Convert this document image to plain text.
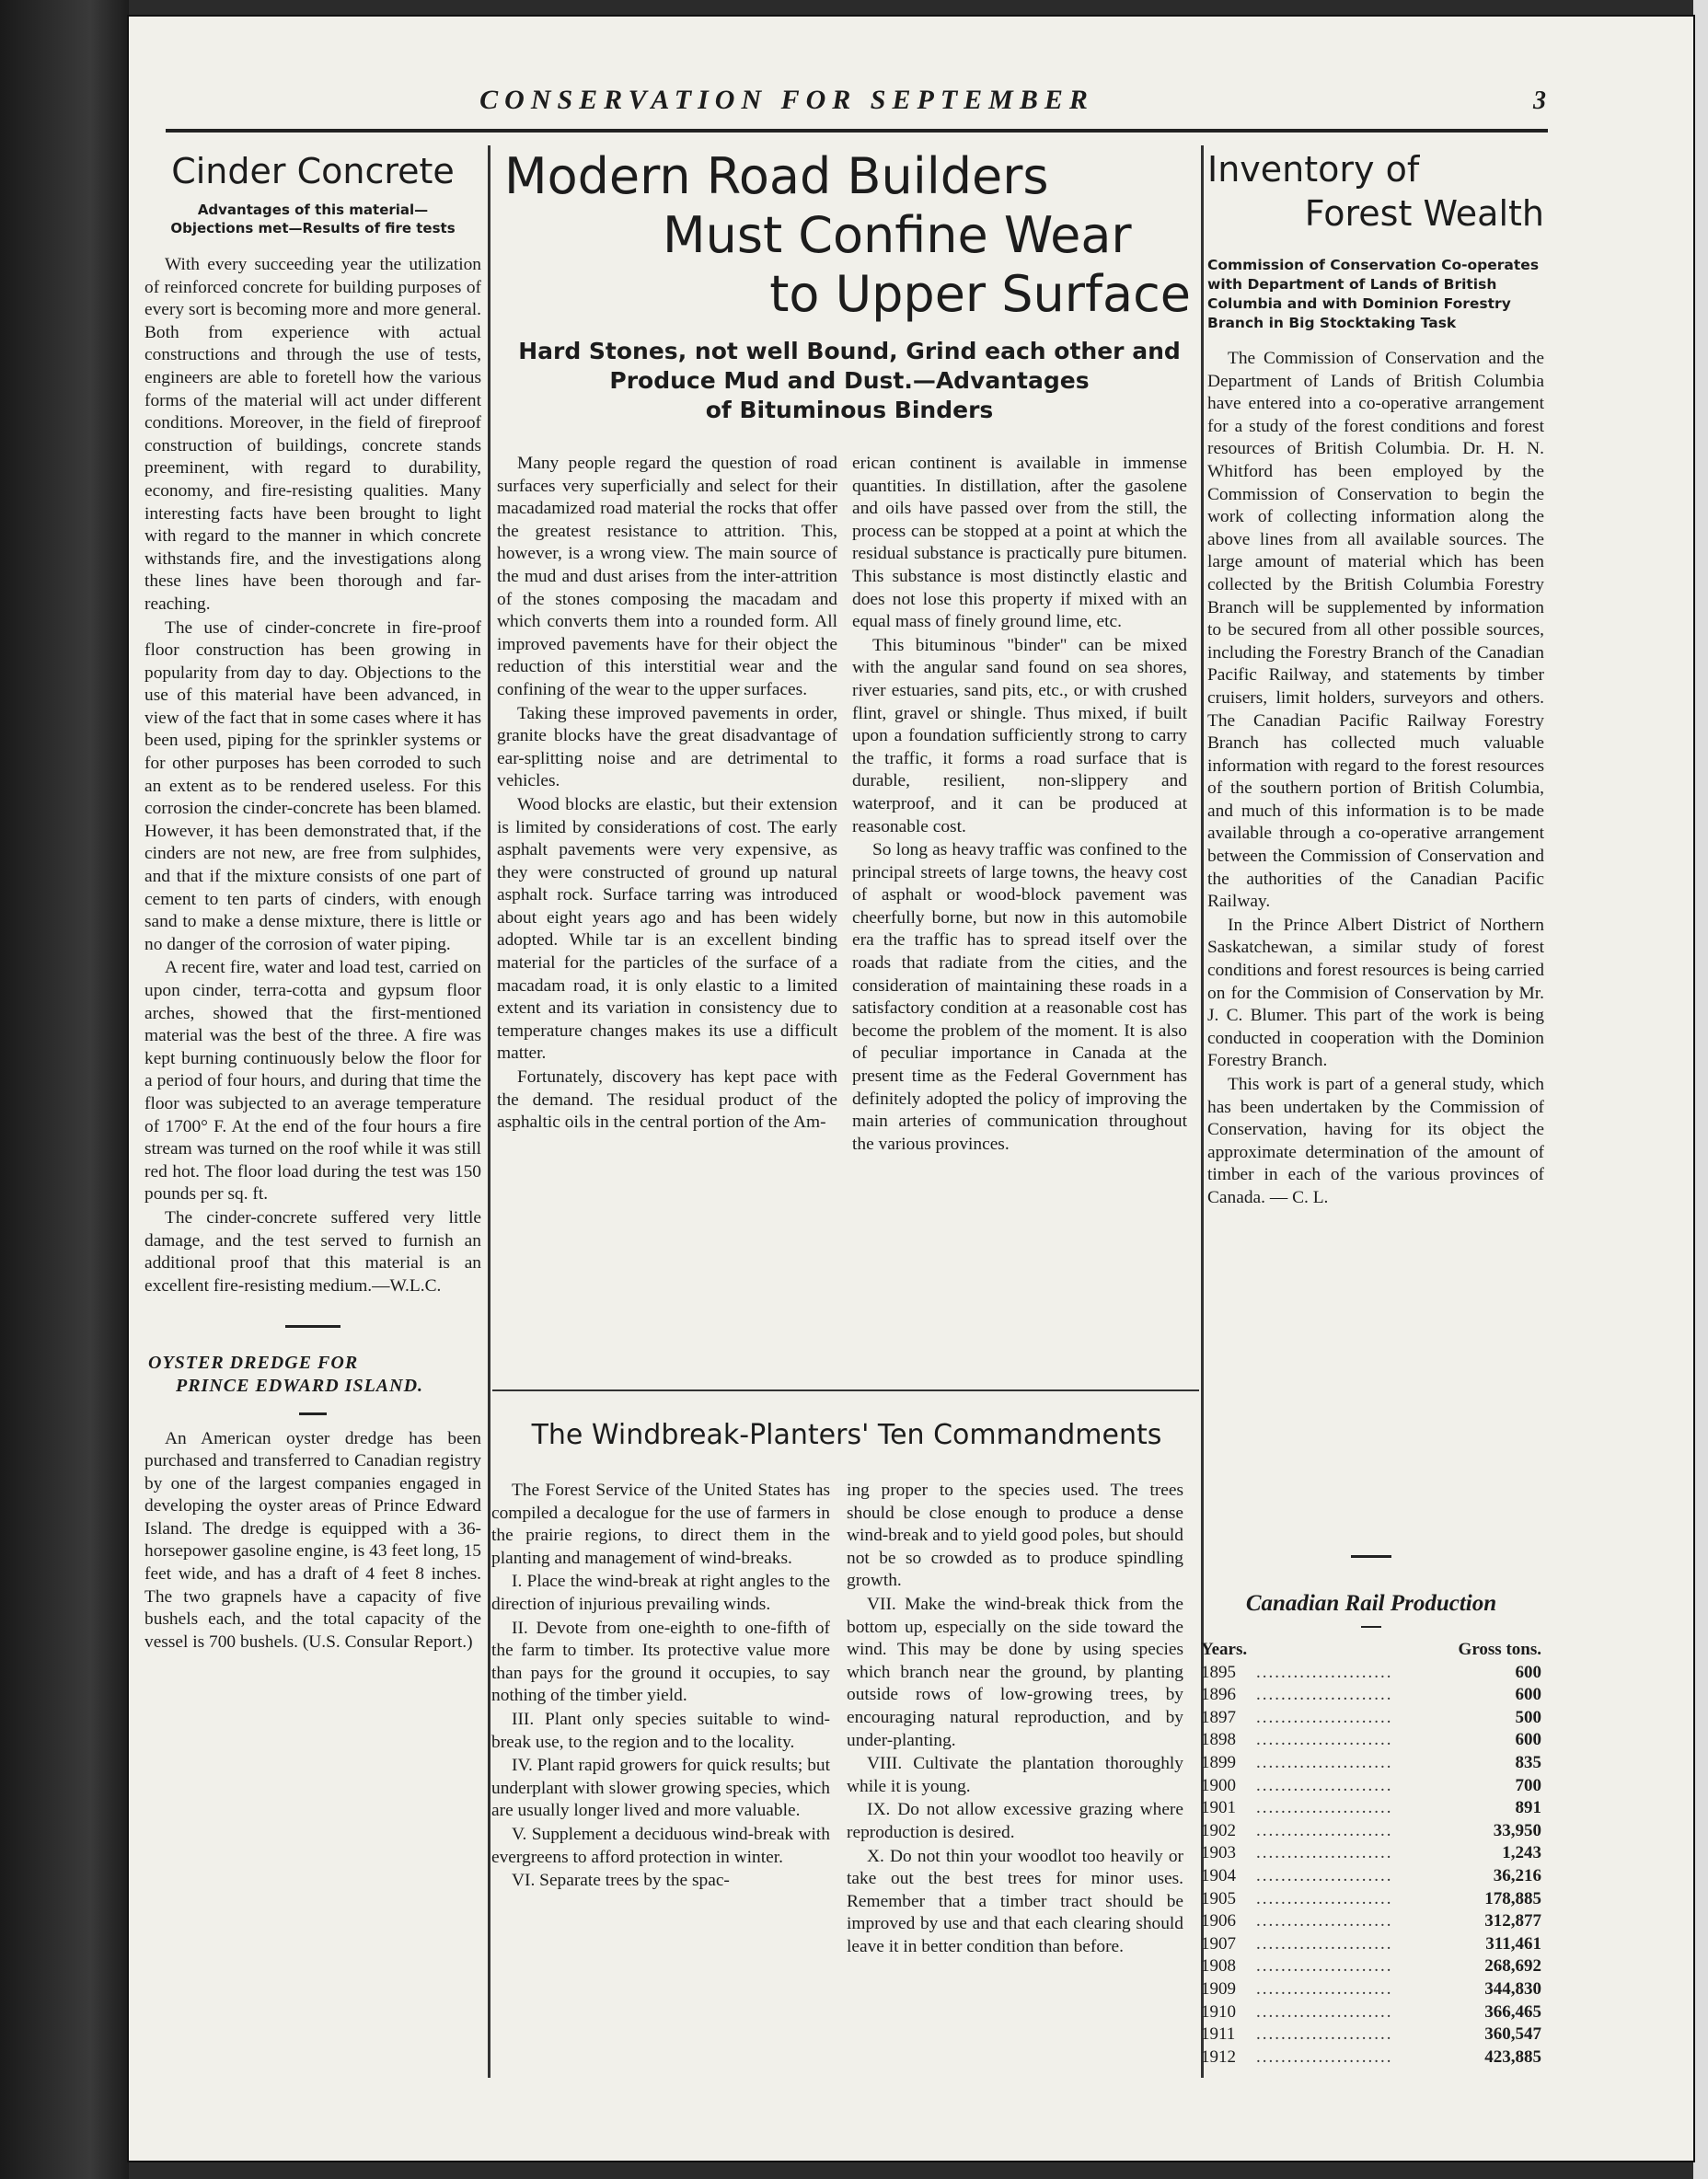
CONSERVATION FOR SEPTEMBER	3
Cinder Concrete
Advantages of this material—Objections met—Results of fire tests

With every succeeding year the utilization of reinforced concrete for building purposes of every sort is becoming more and more general. Both from experience with actual constructions and through the use of tests, engineers are able to foretell how the various forms of the material will act under different conditions. Moreover, in the field of fireproof construction of buildings, concrete stands preeminent, with regard to durability, economy, and fire-resisting qualities. Many interesting facts have been brought to light with regard to the manner in which concrete withstands fire, and the investigations along these lines have been thorough and far-reaching.

The use of cinder-concrete in fire-proof floor construction has been growing in popularity from day to day. Objections to the use of this material have been advanced, in view of the fact that in some cases where it has been used, piping for the sprinkler systems or for other purposes has been corroded to such an extent as to be rendered useless. For this corrosion the cinder-concrete has been blamed. However, it has been demonstrated that, if the cinders are not new, are free from sulphides, and that if the mixture consists of one part of cement to ten parts of cinders, with enough sand to make a dense mixture, there is little or no danger of the corrosion of water piping.

A recent fire, water and load test, carried on upon cinder, terra-cotta and gypsum floor arches, showed that the first-mentioned material was the best of the three. A fire was kept burning continuously below the floor for a period of four hours, and during that time the floor was subjected to an average temperature of 1700° F. At the end of the four hours a fire stream was turned on the roof while it was still red hot. The floor load during the test was 150 pounds per sq. ft.

The cinder-concrete suffered very little damage, and the test served to furnish an additional proof that this material is an excellent fire-resisting medium.—W.L.C.

OYSTER DREDGE FOR
PRINCE EDWARD ISLAND.

An American oyster dredge has been purchased and transferred to Canadian registry by one of the largest companies engaged in developing the oyster areas of Prince Edward Island. The dredge is equipped with a 36-horsepower gasoline engine, is 43 feet long, 15 feet wide, and has a draft of 4 feet 8 inches. The two grapnels have a capacity of five bushels each, and the total capacity of the vessel is 700 bushels. (U.S. Consular Report.)

Modern Road Builders
Must Confine Wear
to Upper Surface
Hard Stones, not well Bound, Grind each other and
Produce Mud and Dust.—Advantages
of Bituminous Binders

Many people regard the question of road surfaces very superficially and select for their macadamized road material the rocks that offer the greatest resistance to attrition. This, however, is a wrong view. The main source of the mud and dust arises from the inter-attrition of the stones composing the macadam and which converts them into a rounded form. All improved pavements have for their object the reduction of this interstitial wear and the confining of the wear to the upper surfaces.

Taking these improved pavements in order, granite blocks have the great disadvantage of ear-splitting noise and are detrimental to vehicles.

Wood blocks are elastic, but their extension is limited by considerations of cost. The early asphalt pavements were very expensive, as they were constructed of ground up natural asphalt rock. Surface tarring was introduced about eight years ago and has been widely adopted. While tar is an excellent binding material for the particles of the surface of a macadam road, it is only elastic to a limited extent and its variation in consistency due to temperature changes makes its use a difficult matter.

Fortunately, discovery has kept pace with the demand. The residual product of the asphaltic oils in the central portion of the Am-

erican continent is available in immense quantities. In distillation, after the gasolene and oils have passed over from the still, the process can be stopped at a point at which the residual substance is practically pure bitumen. This substance is most distinctly elastic and does not lose this property if mixed with an equal mass of finely ground lime, etc.

This bituminous "binder" can be mixed with the angular sand found on sea shores, river estuaries, sand pits, etc., or with crushed flint, gravel or shingle. Thus mixed, if built upon a foundation sufficiently strong to carry the traffic, it forms a road surface that is durable, resilient, non-slippery and waterproof, and it can be produced at reasonable cost.

So long as heavy traffic was confined to the principal streets of large towns, the heavy cost of asphalt or wood-block pavement was cheerfully borne, but now in this automobile era the traffic has to spread itself over the roads that radiate from the cities, and the consideration of maintaining these roads in a satisfactory condition at a reasonable cost has become the problem of the moment. It is also of peculiar importance in Canada at the present time as the Federal Government has definitely adopted the policy of improving the main arteries of communication throughout the various provinces.

The Windbreak-Planters' Ten Commandments

The Forest Service of the United States has compiled a decalogue for the use of farmers in the prairie regions, to direct them in the planting and management of wind-breaks.

I. Place the wind-break at right angles to the direction of injurious prevailing winds.

II. Devote from one-eighth to one-fifth of the farm to timber. Its protective value more than pays for the ground it occupies, to say nothing of the timber yield.

III. Plant only species suitable to wind-break use, to the region and to the locality.

IV. Plant rapid growers for quick results; but underplant with slower growing species, which are usually longer lived and more valuable.

V. Supplement a deciduous wind-break with evergreens to afford protection in winter.

VI. Separate trees by the spac-

ing proper to the species used. The trees should be close enough to produce a dense wind-break and to yield good poles, but should not be so crowded as to produce spindling growth.

VII. Make the wind-break thick from the bottom up, especially on the side toward the wind. This may be done by using species which branch near the ground, by planting outside rows of low-growing trees, by encouraging natural reproduction, and by under-planting.

VIII. Cultivate the plantation thoroughly while it is young.

IX. Do not allow excessive grazing where reproduction is desired.

X. Do not thin your woodlot too heavily or take out the best trees for minor uses. Remember that a timber tract should be improved by use and that each clearing should leave it in better condition than before.

Inventory of
Forest Wealth
Commission of Conservation Co-operates with Department of Lands of British Columbia and with Dominion Forestry Branch in Big Stocktaking Task

The Commission of Conservation and the Department of Lands of British Columbia have entered into a co-operative arrangement for a study of the forest conditions and forest resources of British Columbia. Dr. H. N. Whitford has been employed by the Commission of Conservation to begin the work of collecting information along the above lines from all available sources. The large amount of material which has been collected by the British Columbia Forestry Branch will be supplemented by information to be secured from all other possible sources, including the Forestry Branch of the Canadian Pacific Railway, and statements by timber cruisers, limit holders, surveyors and others. The Canadian Pacific Railway Forestry Branch has collected much valuable information with regard to the forest resources of the southern portion of British Columbia, and much of this information is to be made available through a co-operative arrangement between the Commission of Conservation and the authorities of the Canadian Pacific Railway.

In the Prince Albert District of Northern Saskatchewan, a similar study of forest conditions and forest resources is being carried on for the Commision of Conservation by Mr. J. C. Blumer. This part of the work is being conducted in cooperation with the Dominion Forestry Branch.

This work is part of a general study, which has been undertaken by the Commission of Conservation, having for its object the approximate determination of the amount of timber in each of the various provinces of Canada. — C. L.

Canadian Rail Production
Years.		Gross tons.
1895	......................	600
1896	......................	600
1897	......................	500
1898	......................	600
1899	......................	835
1900	......................	700
1901	......................	891
1902	......................	33,950
1903	......................	1,243
1904	......................	36,216
1905	......................	178,885
1906	......................	312,877
1907	......................	311,461
1908	......................	268,692
1909	......................	344,830
1910	......................	366,465
1911	......................	360,547
1912	......................	423,885
